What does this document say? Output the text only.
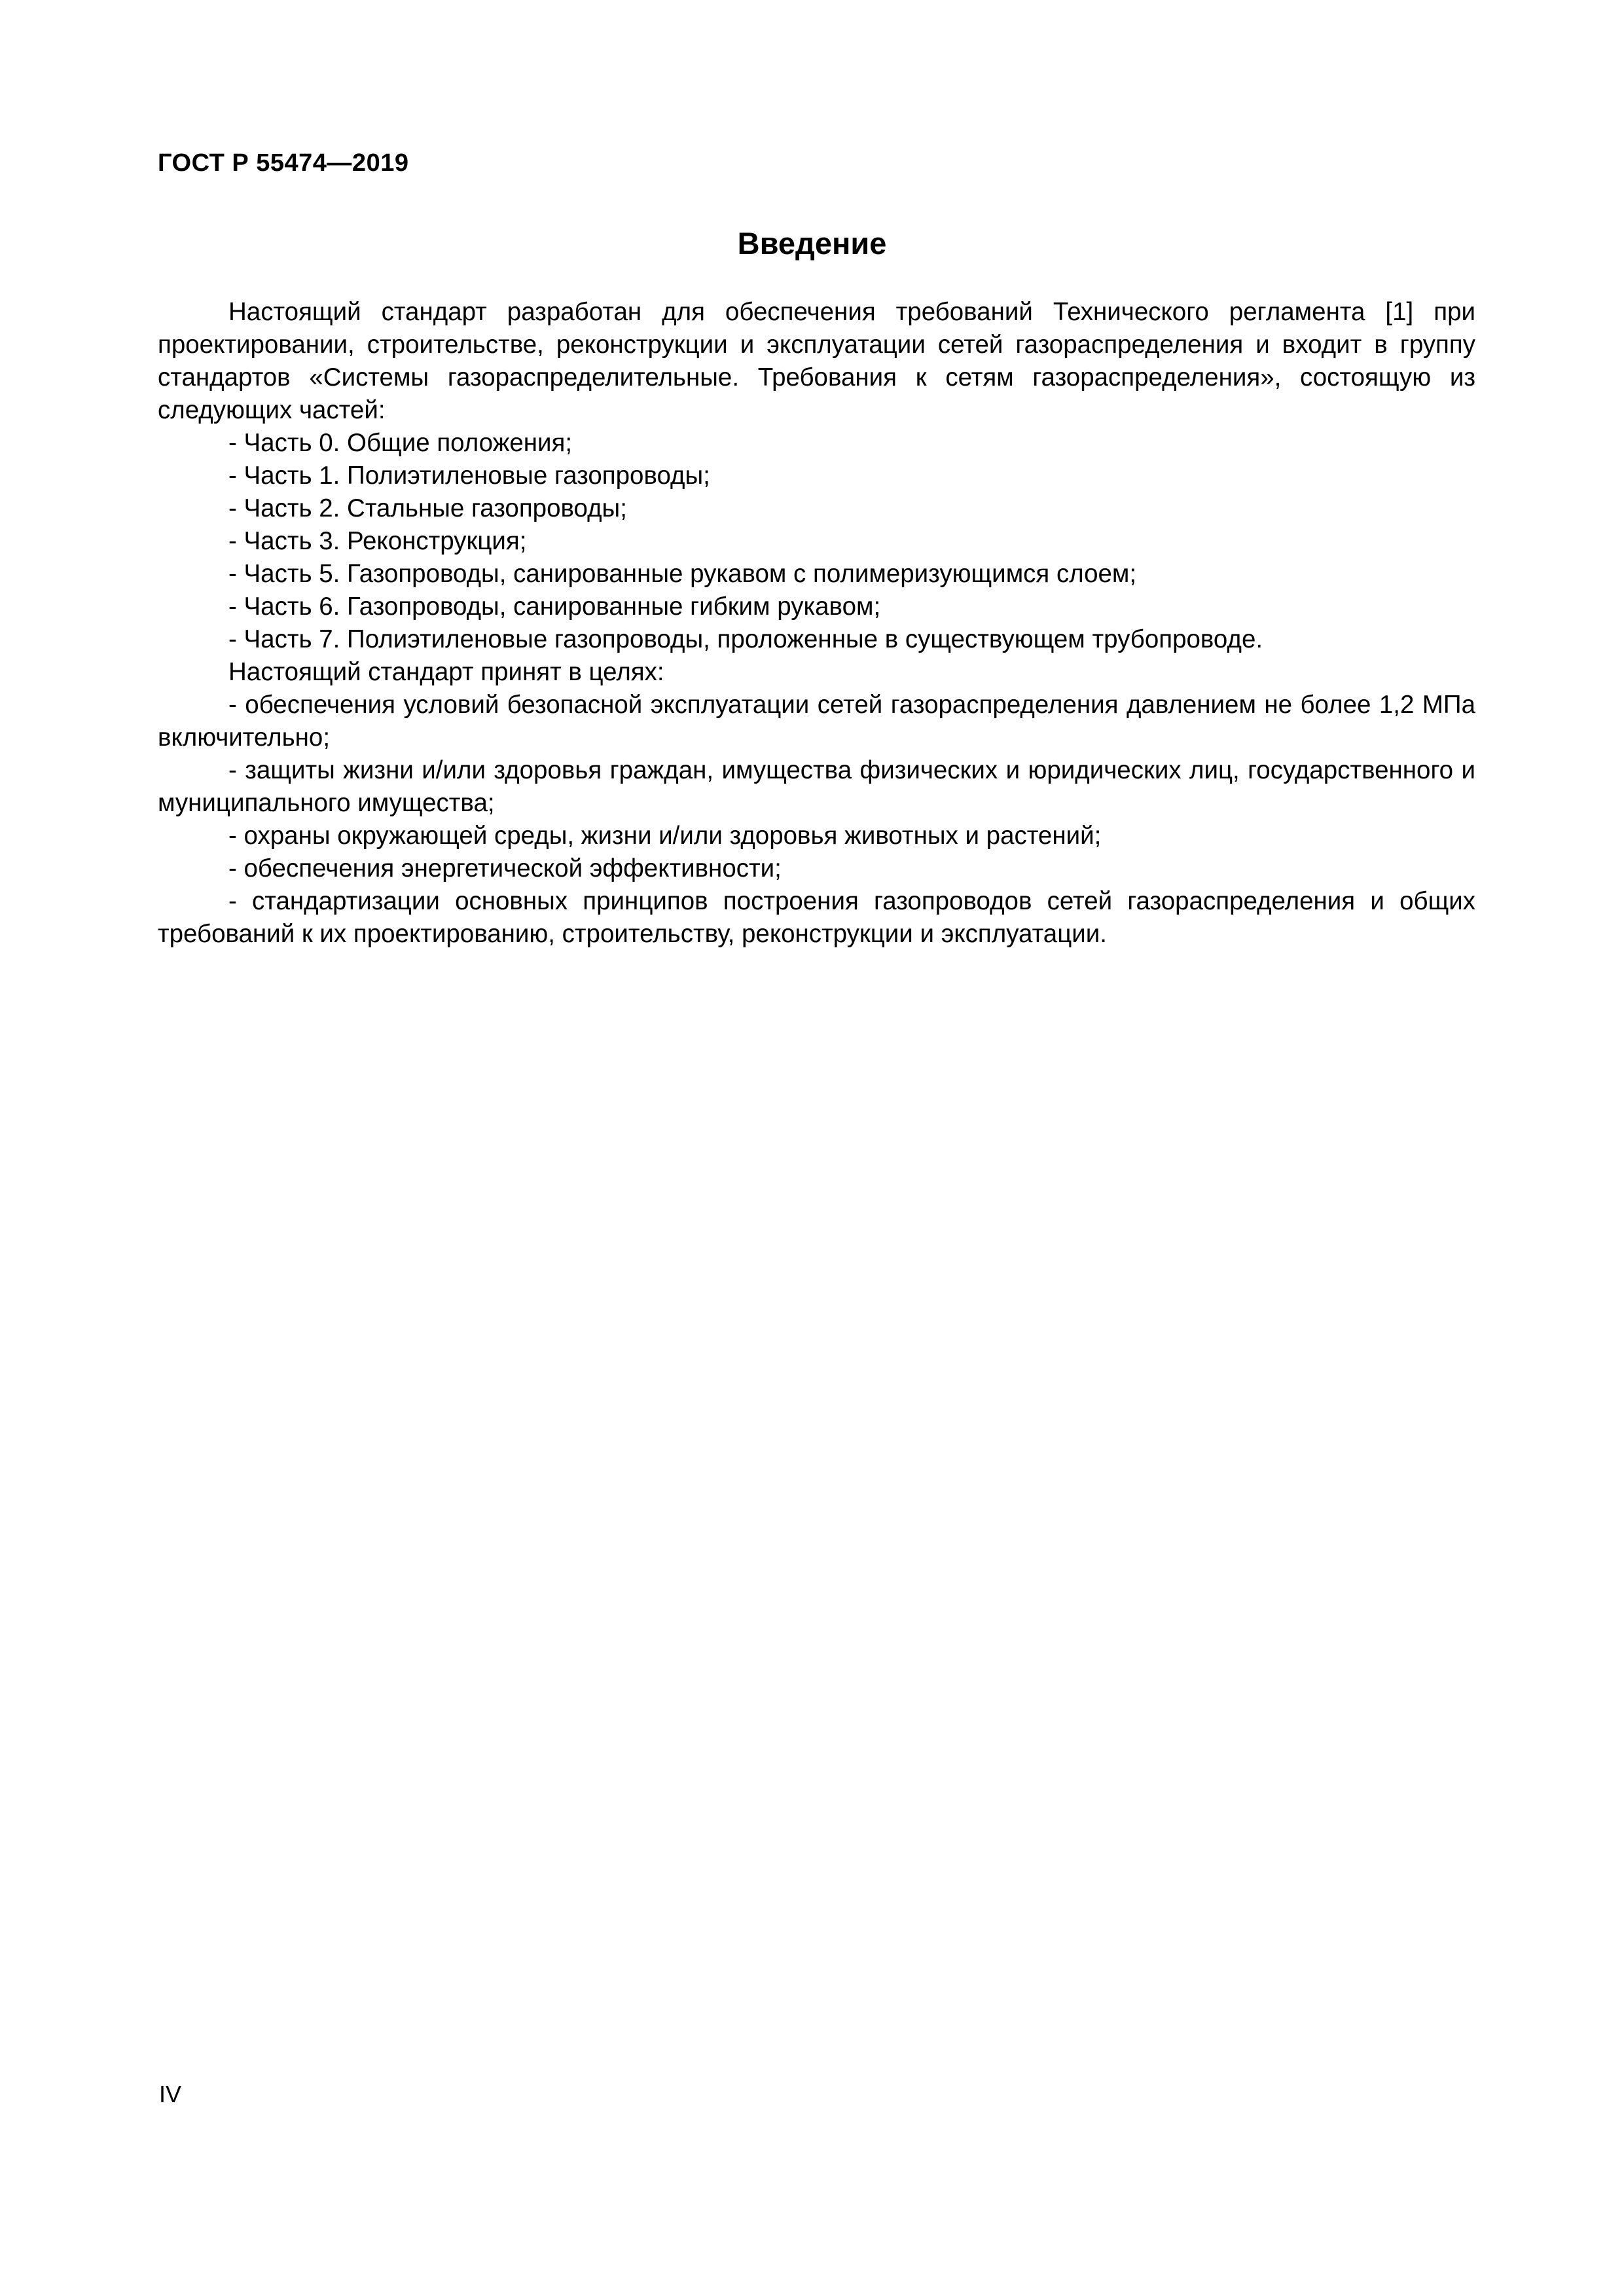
ГОСТ Р 55474—2019
Введение

Настоящий стандарт разработан для обеспечения требований Технического регламента [1] при проектировании, строительстве, реконструкции и эксплуатации сетей газораспределения и входит в группу стандартов «Системы газораспределительные. Требования к сетям газораспределения», состоящую из следующих частей:

- Часть 0. Общие положения;

- Часть 1. Полиэтиленовые газопроводы;

- Часть 2. Стальные газопроводы;

- Часть 3. Реконструкция;

- Часть 5. Газопроводы, санированные рукавом с полимеризующимся слоем;

- Часть 6. Газопроводы, санированные гибким рукавом;

- Часть 7. Полиэтиленовые газопроводы, проложенные в существующем трубопроводе.

Настоящий стандарт принят в целях:

- обеспечения условий безопасной эксплуатации сетей газораспределения давлением не более 1,2 МПа включительно;

- защиты жизни и/или здоровья граждан, имущества физических и юридических лиц, государственного и муниципального имущества;

- охраны окружающей среды, жизни и/или здоровья животных и растений;

- обеспечения энергетической эффективности;

- стандартизации основных принципов построения газопроводов сетей газораспределения и общих требований к их проектированию, строительству, реконструкции и эксплуатации.

IV
